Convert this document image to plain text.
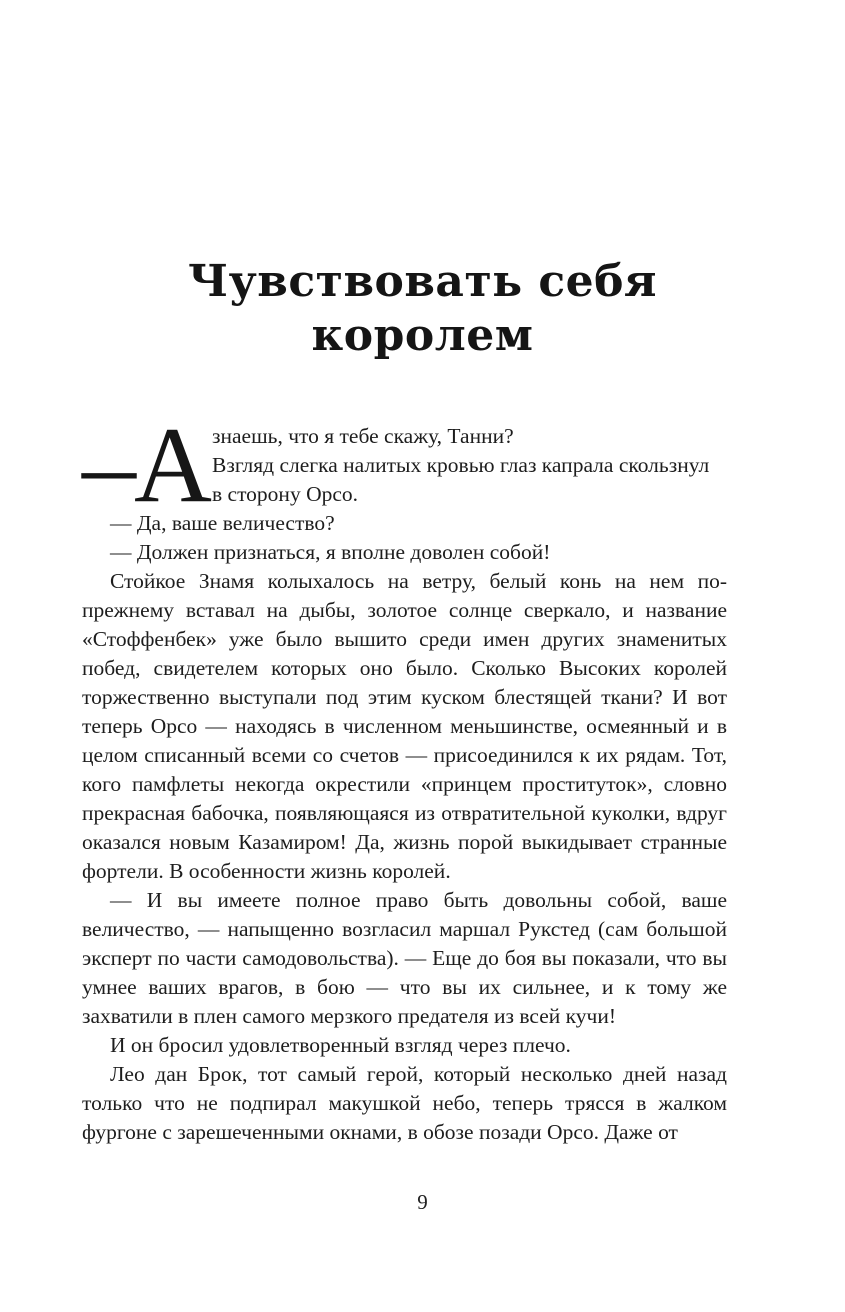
Чувствовать себя
королем
–А знаешь, что я тебе скажу, Танни?
Взгляд слегка налитых кровью глаз капрала скользнул
в сторону Орсо.

— Да, ваше величество?

— Должен признаться, я вполне доволен собой!

Стойкое Знамя колыхалось на ветру, белый конь на нем по-прежнему вставал на дыбы, золотое солнце сверкало, и название «Стоффенбек» уже было вышито среди имен других знаменитых побед, свидетелем которых оно было. Сколько Высоких королей торжественно выступали под этим куском блестящей ткани? И вот теперь Орсо — находясь в численном меньшинстве, осмеянный и в целом списанный всеми со счетов — присоединился к их рядам. Тот, кого памфлеты некогда окрестили «принцем проституток», словно прекрасная бабочка, появляющаяся из отвратительной куколки, вдруг оказался новым Казамиром! Да, жизнь порой выкидывает странные фортели. В особенности жизнь королей.

— И вы имеете полное право быть довольны собой, ваше величество, — напыщенно возгласил маршал Рукстед (сам большой эксперт по части самодовольства). — Еще до боя вы показали, что вы умнее ваших врагов, в бою — что вы их сильнее, и к тому же захватили в плен самого мерзкого предателя из всей кучи!

И он бросил удовлетворенный взгляд через плечо.

Лео дан Брок, тот самый герой, который несколько дней назад только что не подпирал макушкой небо, теперь трясся в жалком фургоне с зарешеченными окнами, в обозе позади Орсо. Даже от

9
